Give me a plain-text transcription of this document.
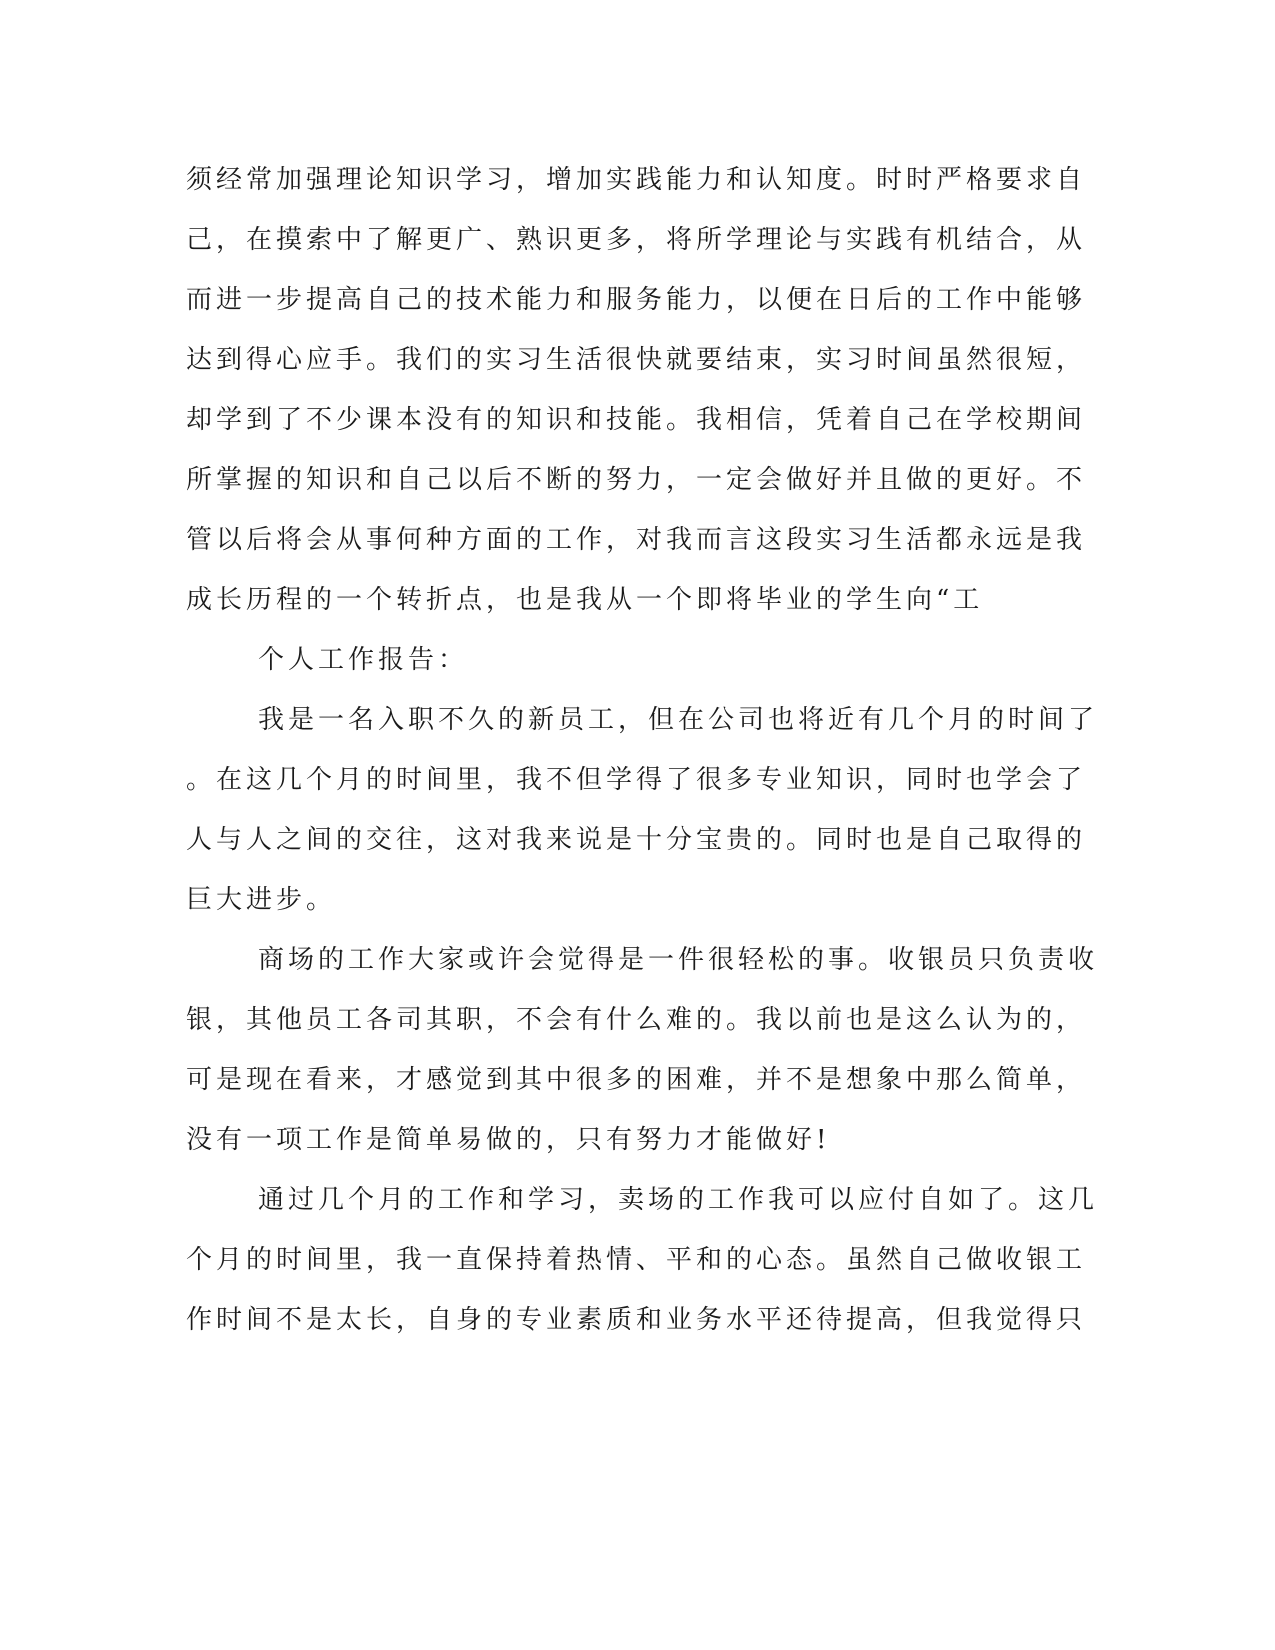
须经常加强理论知识学习，增加实践能力和认知度。时时严格要求自
己，在摸索中了解更广、熟识更多，将所学理论与实践有机结合，从
而进一步提高自己的技术能力和服务能力，以便在日后的工作中能够
达到得心应手。我们的实习生活很快就要结束，实习时间虽然很短，
却学到了不少课本没有的知识和技能。我相信，凭着自己在学校期间
所掌握的知识和自己以后不断的努力，一定会做好并且做的更好。不
管以后将会从事何种方面的工作，对我而言这段实习生活都永远是我
成长历程的一个转折点，也是我从一个即将毕业的学生向“工
个人工作报告：
我是一名入职不久的新员工，但在公司也将近有几个月的时间了
。在这几个月的时间里，我不但学得了很多专业知识，同时也学会了
人与人之间的交往，这对我来说是十分宝贵的。同时也是自己取得的
巨大进步。
商场的工作大家或许会觉得是一件很轻松的事。收银员只负责收
银，其他员工各司其职，不会有什么难的。我以前也是这么认为的，
可是现在看来，才感觉到其中很多的困难，并不是想象中那么简单，
没有一项工作是简单易做的，只有努力才能做好!
通过几个月的工作和学习，卖场的工作我可以应付自如了。这几
个月的时间里，我一直保持着热情、平和的心态。虽然自己做收银工
作时间不是太长，自身的专业素质和业务水平还待提高，但我觉得只
